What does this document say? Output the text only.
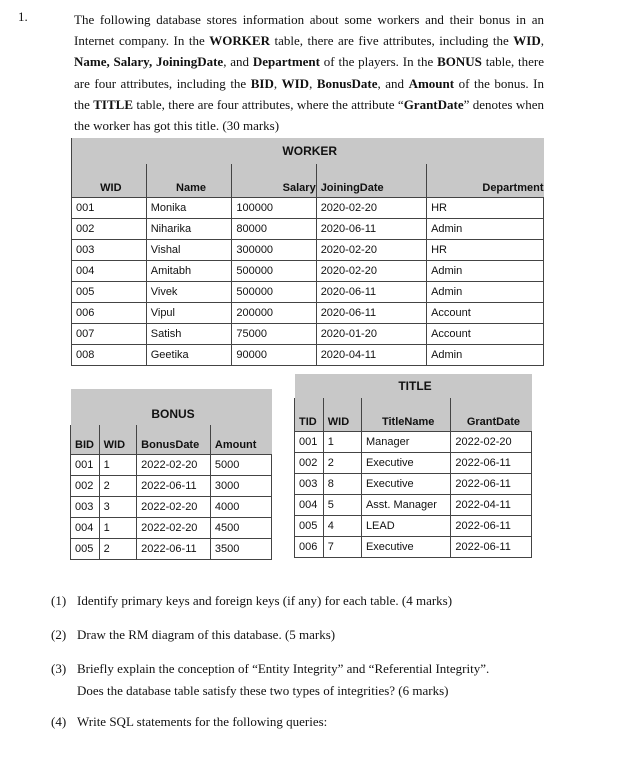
1.	The following database stores information about some workers and their bonus in an Internet company. In the WORKER table, there are five attributes, including the WID, Name, Salary, JoiningDate, and Department of the players. In the BONUS table, there are four attributes, including the BID, WID, BonusDate, and Amount of the bonus. In the TITLE table, there are four attributes, where the attribute “GrantDate” denotes when the worker has got this title. (30 marks)
WORKER				
WID	Name	Salary	JoiningDate	Department
001	Monika	100000	2020-02-20	HR
002	Niharika	80000	2020-06-11	Admin
003	Vishal	300000	2020-02-20	HR
004	Amitabh	500000	2020-02-20	Admin
005	Vivek	500000	2020-06-11	Admin
006	Vipul	200000	2020-06-11	Account
007	Satish	75000	2020-01-20	Account
008	Geetika	90000	2020-04-11	Admin
BONUS			
BID	WID	BonusDate	Amount
001	1	2022-02-20	5000
002	2	2022-06-11	3000
003	3	2022-02-20	4000
004	1	2022-02-20	4500
005	2	2022-06-11	3500
TITLE			
TID	WID	TitleName	GrantDate
001	1	Manager	2022-02-20
002	2	Executive	2022-06-11
003	8	Executive	2022-06-11
004	5	Asst. Manager	2022-04-11
005	4	LEAD	2022-06-11
006	7	Executive	2022-06-11
(1) Identify primary keys and foreign keys (if any) for each table. (4 marks)
(2) Draw the RM diagram of this database. (5 marks)
(3) Briefly explain the conception of “Entity Integrity” and “Referential Integrity”.
Does the database table satisfy these two types of integrities? (6 marks)
(4) Write SQL statements for the following queries:
